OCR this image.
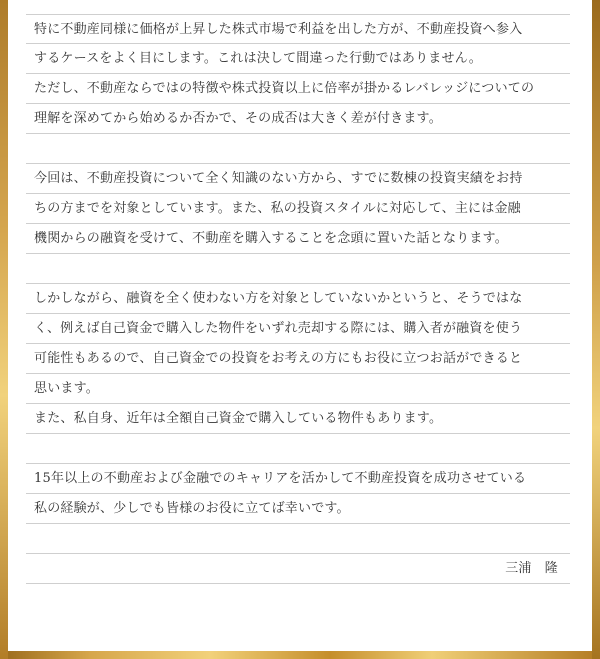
特に不動産同様に価格が上昇した株式市場で利益を出した方が、不動産投資へ参入
するケースをよく目にします。これは決して間違った行動ではありません。
ただし、不動産ならではの特徴や株式投資以上に倍率が掛かるレバレッジについての
理解を深めてから始めるか否かで、その成否は大きく差が付きます。
今回は、不動産投資について全く知識のない方から、すでに数棟の投資実績をお持
ちの方までを対象としています。また、私の投資スタイルに対応して、主には金融
機関からの融資を受けて、不動産を購入することを念頭に置いた話となります。
しかしながら、融資を全く使わない方を対象としていないかというと、そうではな
く、例えば自己資金で購入した物件をいずれ売却する際には、購入者が融資を使う
可能性もあるので、自己資金での投資をお考えの方にもお役に立つお話ができると
思います。
また、私自身、近年は全額自己資金で購入している物件もあります。
15年以上の不動産および金融でのキャリアを活かして不動産投資を成功させている
私の経験が、少しでも皆様のお役に立てば幸いです。
三浦　隆
